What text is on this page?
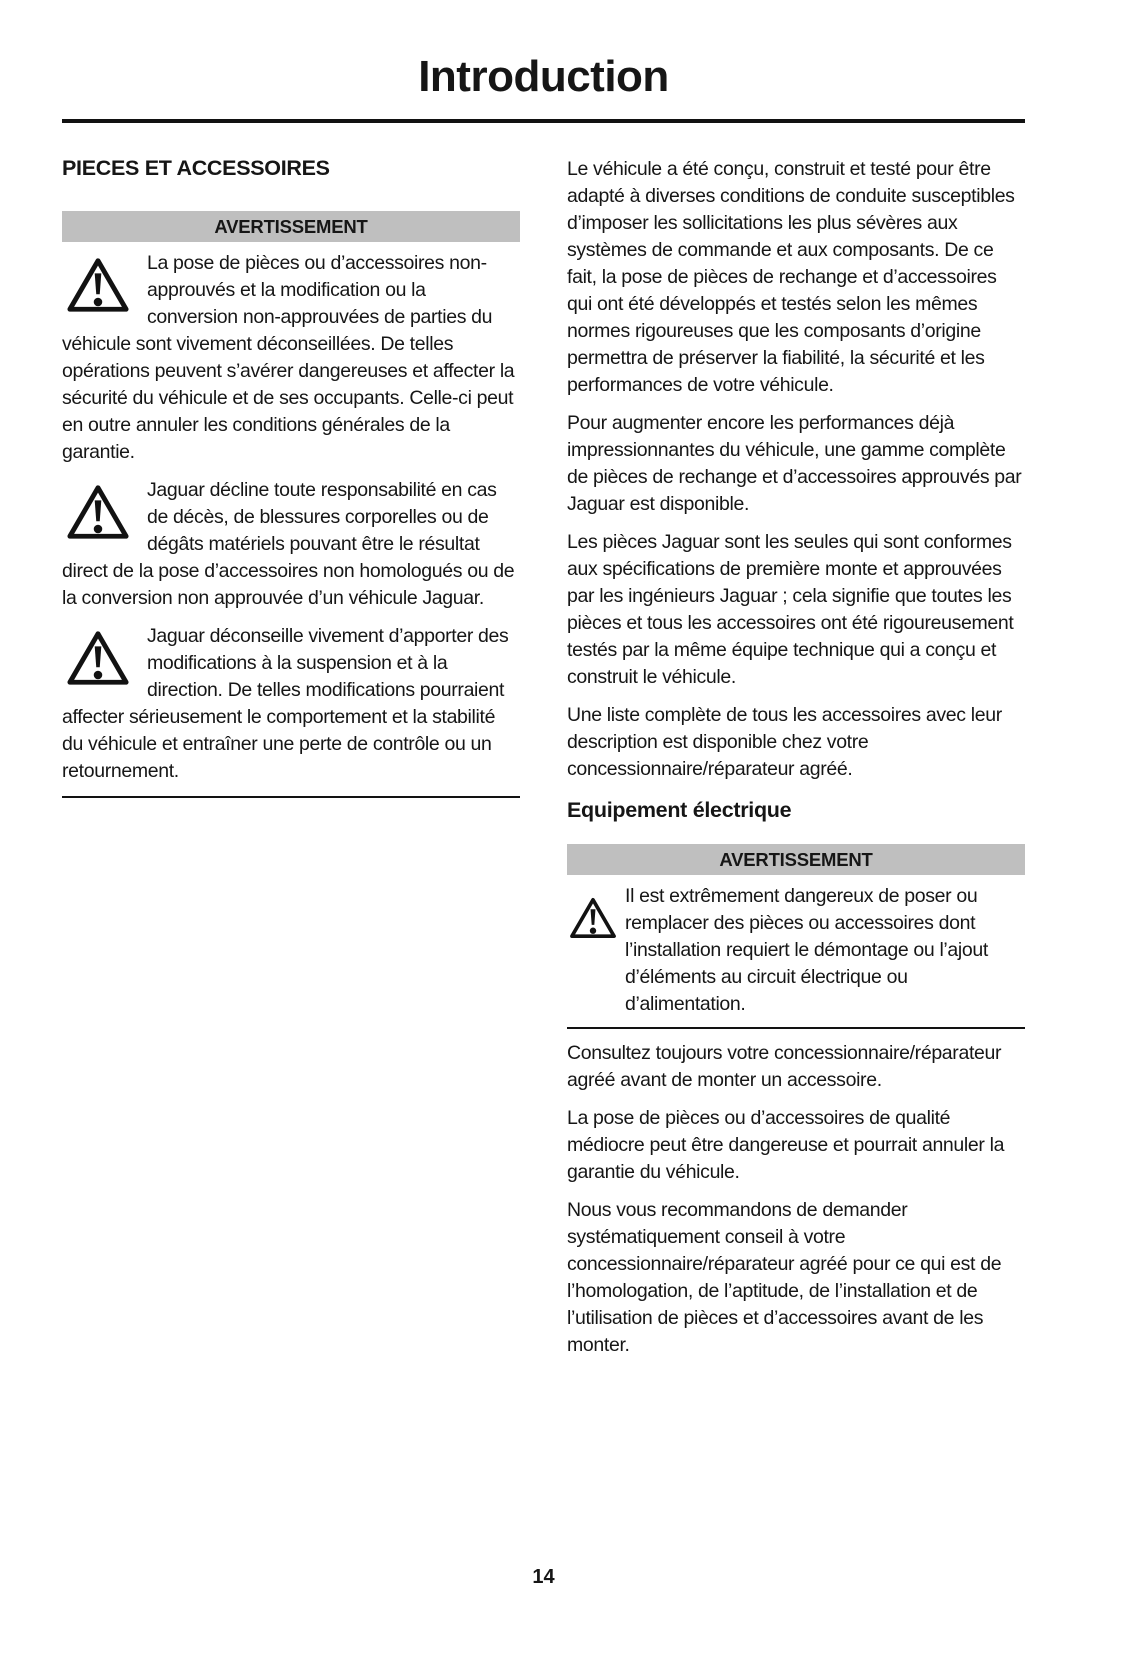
Introduction
PIECES ET ACCESSOIRES
AVERTISSEMENT

La pose de pièces ou d’accessoires non-approuvés et la modification ou la conversion non-approuvées de parties du véhicule sont vivement déconseillées. De telles opérations peuvent s’avérer dangereuses et affecter la sécurité du véhicule et de ses occupants. Celle-ci peut en outre annuler les conditions générales de la garantie.

Jaguar décline toute responsabilité en cas de décès, de blessures corporelles ou de dégâts matériels pouvant être le résultat direct de la pose d’accessoires non homologués ou de la conversion non approuvée d’un véhicule Jaguar.

Jaguar déconseille vivement d’apporter des modifications à la suspension et à la direction. De telles modifications pourraient affecter sérieusement le comportement et la stabilité du véhicule et entraîner une perte de contrôle ou un retournement.

Le véhicule a été conçu, construit et testé pour être adapté à diverses conditions de conduite susceptibles d’imposer les sollicitations les plus sévères aux systèmes de commande et aux composants. De ce fait, la pose de pièces de rechange et d’accessoires qui ont été développés et testés selon les mêmes normes rigoureuses que les composants d’origine permettra de préserver la fiabilité, la sécurité et les performances de votre véhicule.

Pour augmenter encore les performances déjà impressionnantes du véhicule, une gamme complète de pièces de rechange et d’accessoires approuvés par Jaguar est disponible.

Les pièces Jaguar sont les seules qui sont conformes aux spécifications de première monte et approuvées par les ingénieurs Jaguar ; cela signifie que toutes les pièces et tous les accessoires ont été rigoureusement testés par la même équipe technique qui a conçu et construit le véhicule.

Une liste complète de tous les accessoires avec leur description est disponible chez votre concessionnaire/réparateur agréé.

Equipement électrique
AVERTISSEMENT

Il est extrêmement dangereux de poser ou remplacer des pièces ou accessoires dont l’installation requiert le démontage ou l’ajout d’éléments au circuit électrique ou d’alimentation.

Consultez toujours votre concessionnaire/réparateur agréé avant de monter un accessoire.

La pose de pièces ou d’accessoires de qualité médiocre peut être dangereuse et pourrait annuler la garantie du véhicule.

Nous vous recommandons de demander systématiquement conseil à votre concessionnaire/réparateur agréé pour ce qui est de l’homologation, de l’aptitude, de l’installation et de l’utilisation de pièces et d’accessoires avant de les monter.

14
